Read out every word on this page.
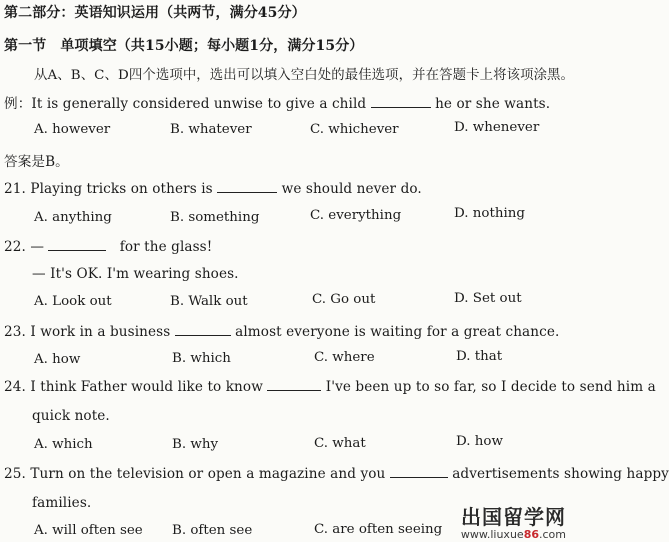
第二部分：英语知识运用（共两节，满分45分）
第一节　单项填空（共15小题；每小题1分，满分15分）
从A、B、C、D四个选项中，选出可以填入空白处的最佳选项，并在答题卡上将该项涂黑。
例：It is generally considered unwise to give a child	he or she wants.
A. however	B. whatever	C. whichever	D. whenever
答案是B。
21. Playing tricks on others is	we should never do.
A. anything	B. something	C. everything	D. nothing
22. —	for the glass!
— It's OK. I'm wearing shoes.
A. Look out	B. Walk out	C. Go out	D. Set out
23. I work in a business	almost everyone is waiting for a great chance.
A. how	B. which	C. where	D. that
24. I think Father would like to know	I've been up to so far, so I decide to send him a
quick note.
A. which	B. why	C. what	D. how
25. Turn on the television or open a magazine and you	advertisements showing happy
families.
A. will often see B. often see	C. are often seeing
出国留学网
www.liuxue86.com
